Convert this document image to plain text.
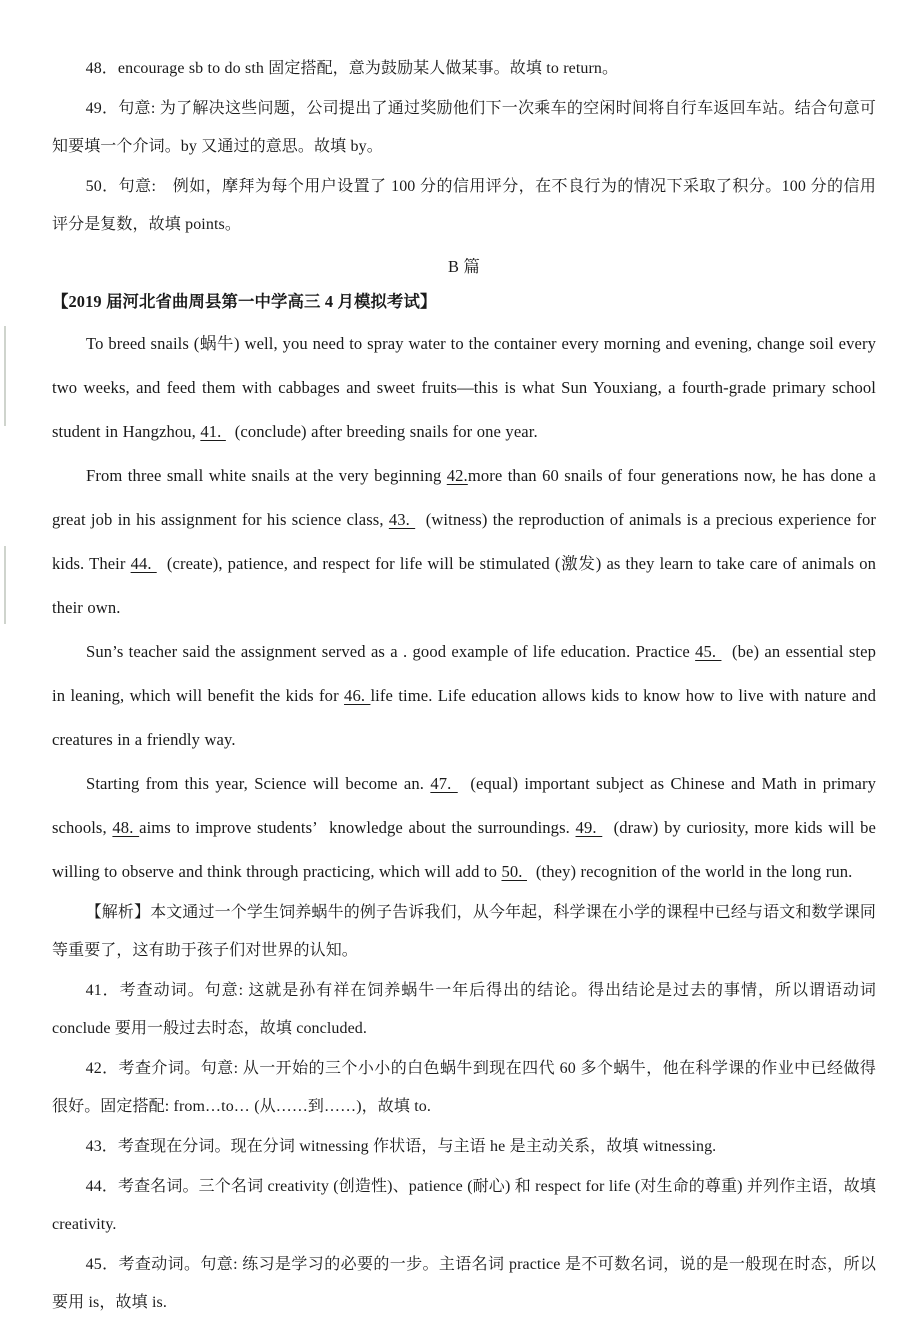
48．encourage sb to do sth 固定搭配，意为鼓励某人做某事。故填 to return。

49．句意: 为了解决这些问题，公司提出了通过奖励他们下一次乘车的空闲时间将自行车返回车站。结合句意可知要填一个介词。by 又通过的意思。故填 by。

50．句意:　例如，摩拜为每个用户设置了 100 分的信用评分，在不良行为的情况下采取了积分。100 分的信用评分是复数，故填 points。

B 篇

【2019 届河北省曲周县第一中学高三 4 月模拟考试】

To breed snails (蜗牛) well, you need to spray water to the container every morning and evening, change soil every two weeks, and feed them with cabbages and sweet fruits—this is what Sun Youxiang, a fourth-grade primary school student in Hangzhou, 41.   (conclude) after breeding snails for one year.

From three small white snails at the very beginning 42.more than 60 snails of four generations now, he has done a great job in his assignment for his science class, 43.   (witness) the reproduction of animals is a precious experience for kids. Their 44.   (create), patience, and respect for life will be stimulated (激发) as they learn to take care of animals on their own.

Sun’s teacher said the assignment served as a . good example of life education. Practice 45.   (be) an essential step in leaning, which will benefit the kids for 46. life time. Life education allows kids to know how to live with nature and creatures in a friendly way.

Starting from this year, Science will become an. 47.   (equal) important subject as Chinese and Math in primary schools, 48. aims to improve students’  knowledge about the surroundings. 49.   (draw) by curiosity, more kids will be willing to observe and think through practicing, which will add to 50.   (they) recognition of the world in the long run.

【解析】本文通过一个学生饲养蜗牛的例子告诉我们，从今年起，科学课在小学的课程中已经与语文和数学课同等重要了，这有助于孩子们对世界的认知。

41．考查动词。句意: 这就是孙有祥在饲养蜗牛一年后得出的结论。得出结论是过去的事情，所以谓语动词 conclude 要用一般过去时态，故填 concluded.

42．考查介词。句意: 从一开始的三个小小的白色蜗牛到现在四代 60 多个蜗牛，他在科学课的作业中已经做得很好。固定搭配: from…to… (从……到……)，故填 to.

43．考查现在分词。现在分词 witnessing 作状语，与主语 he 是主动关系，故填 witnessing.

44．考查名词。三个名词 creativity (创造性)、patience (耐心) 和 respect for life (对生命的尊重) 并列作主语，故填 creativity.

45．考查动词。句意: 练习是学习的必要的一步。主语名词 practice 是不可数名词，说的是一般现在时态，所以要用 is，故填 is.
